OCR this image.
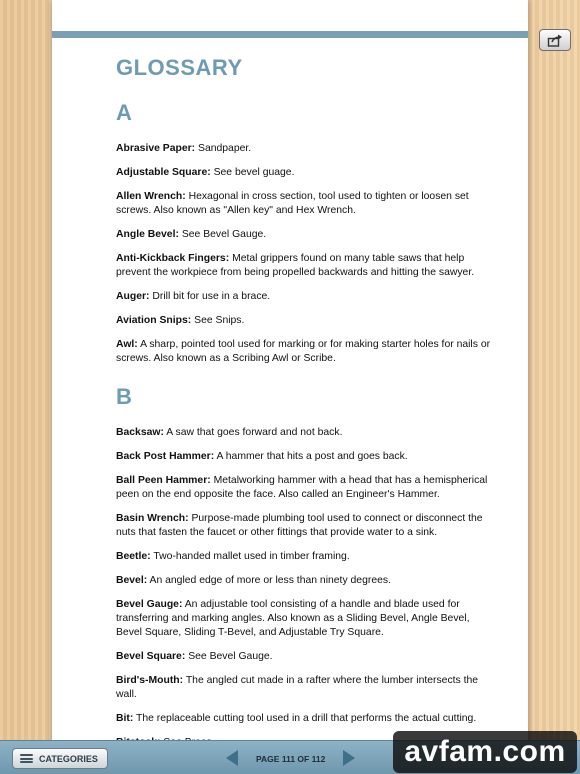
GLOSSARY
A
Abrasive Paper: Sandpaper.
Adjustable Square: See bevel guage.
Allen Wrench: Hexagonal in cross section, tool used to tighten or loosen set screws. Also known as "Allen key" and Hex Wrench.
Angle Bevel: See Bevel Gauge.
Anti-Kickback Fingers: Metal grippers found on many table saws that help prevent the workpiece from being propelled backwards and hitting the sawyer.
Auger: Drill bit for use in a brace.
Aviation Snips: See Snips.
Awl: A sharp, pointed tool used for marking or for making starter holes for nails or screws. Also known as a Scribing Awl or Scribe.
B
Backsaw: A saw that goes forward and not back.
Back Post Hammer: A hammer that hits a post and goes back.
Ball Peen Hammer: Metalworking hammer with a head that has a hemispherical peen on the end opposite the face. Also called an Engineer's Hammer.
Basin Wrench: Purpose-made plumbing tool used to connect or disconnect the nuts that fasten the faucet or other fittings that provide water to a sink.
Beetle: Two-handed mallet used in timber framing.
Bevel: An angled edge of more or less than ninety degrees.
Bevel Gauge: An adjustable tool consisting of a handle and blade used for transferring and marking angles. Also known as a Sliding Bevel, Angle Bevel, Bevel Square, Sliding T-Bevel, and Adjustable Try Square.
Bevel Square: See Bevel Gauge.
Bird's-Mouth: The angled cut made in a rafter where the lumber intersects the wall.
Bit: The replaceable cutting tool used in a drill that performs the actual cutting.
CATEGORIES	PAGE 111 OF 112	avfam.com
